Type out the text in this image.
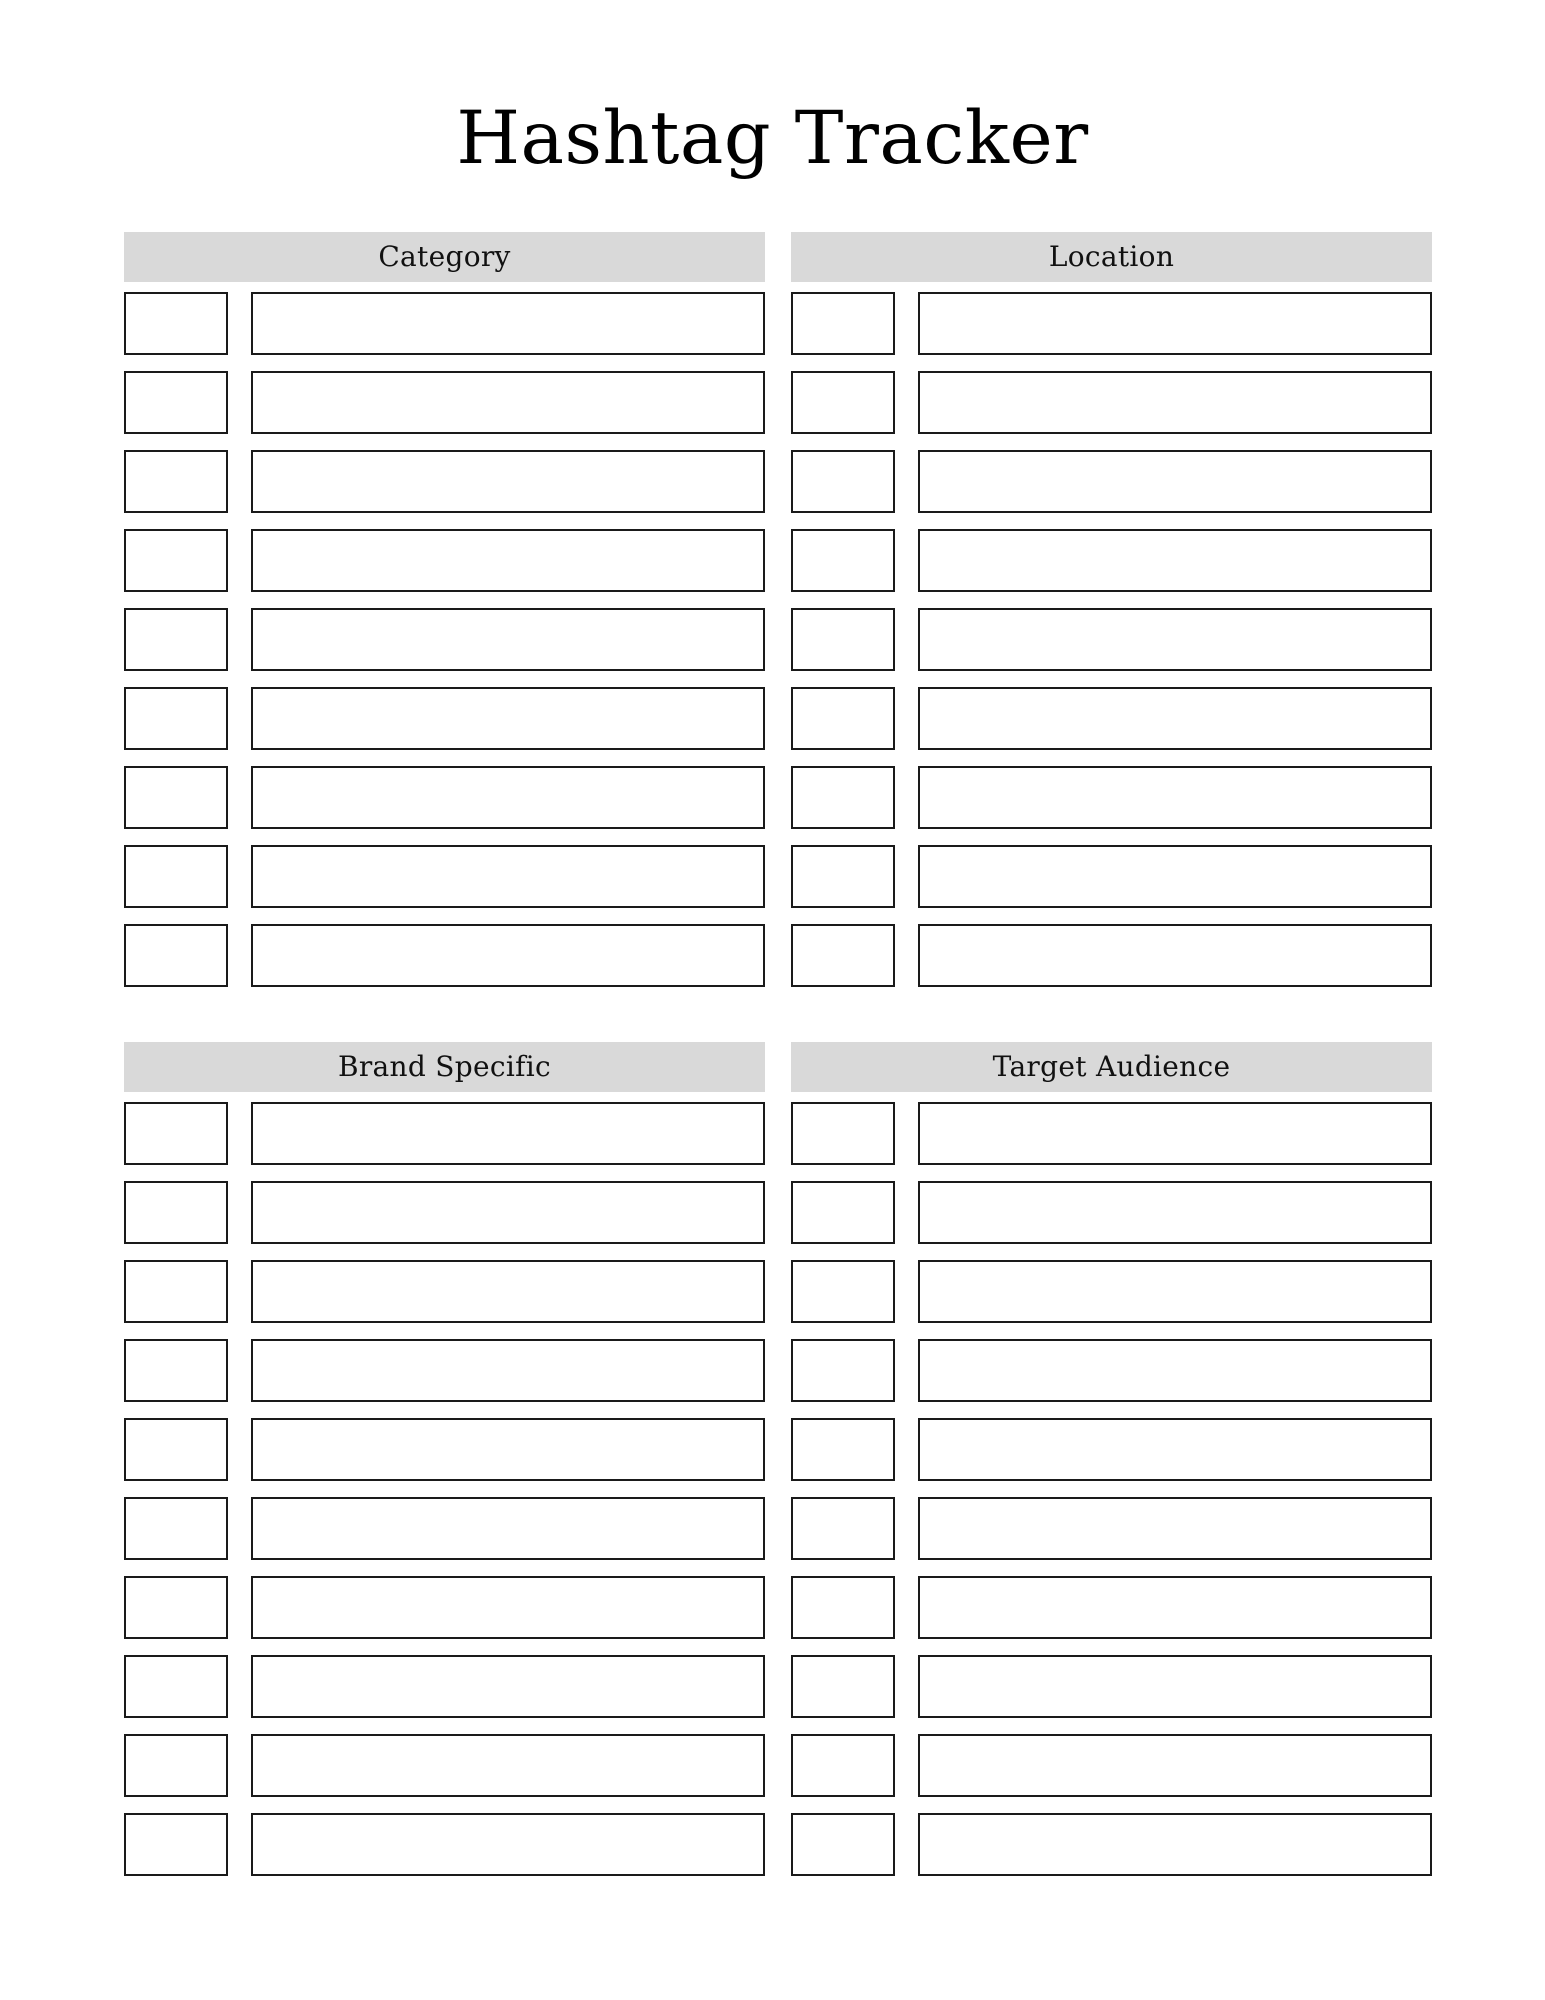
Hashtag Tracker
Category	Location
Brand Specific	Target Audience
